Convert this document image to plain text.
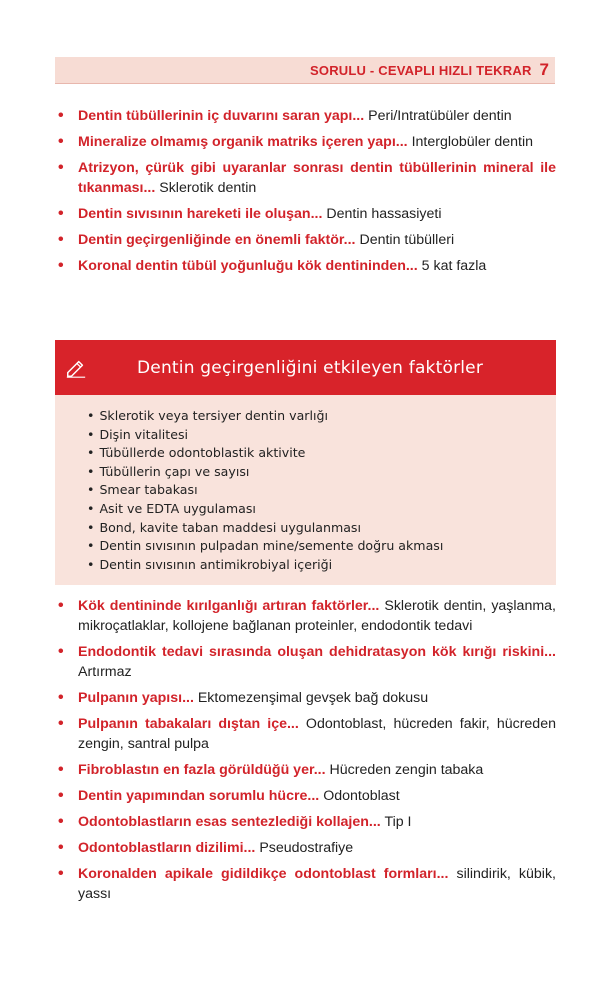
SORULU - CEVAPLI HIZLI TEKRAR 7
• Dentin tübüllerinin iç duvarını saran yapı... Peri/Intratübüler dentin
• Mineralize olmamış organik matriks içeren yapı... Interglobüler dentin
• Atrizyon, çürük gibi uyaranlar sonrası dentin tübüllerinin mineral ile tıkanması... Sklerotik dentin
• Dentin sıvısının hareketi ile oluşan... Dentin hassasiyeti
• Dentin geçirgenliğinde en önemli faktör... Dentin tübülleri
• Koronal dentin tübül yoğunluğu kök dentininden... 5 kat fazla
Dentin geçirgenliğini etkileyen faktörler
• Sklerotik veya tersiyer dentin varlığı
• Dişin vitalitesi
• Tübüllerde odontoblastik aktivite
• Tübüllerin çapı ve sayısı
• Smear tabakası
• Asit ve EDTA uygulaması
• Bond, kavite taban maddesi uygulanması
• Dentin sıvısının pulpadan mine/semente doğru akması
• Dentin sıvısının antimikrobiyal içeriği
• Kök dentininde kırılganlığı artıran faktörler... Sklerotik dentin, yaşlanma, mikroçatlaklar, kollojene bağlanan proteinler, endodontik tedavi
• Endodontik tedavi sırasında oluşan dehidratasyon kök kırığı riskini... Artırmaz
• Pulpanın yapısı... Ektomezenşimal gevşek bağ dokusu
• Pulpanın tabakaları dıştan içe... Odontoblast, hücreden fakir, hücreden zengin, santral pulpa
• Fibroblastın en fazla görüldüğü yer... Hücreden zengin tabaka
• Dentin yapımından sorumlu hücre... Odontoblast
• Odontoblastların esas sentezlediği kollajen... Tip I
• Odontoblastların dizilimi... Pseudostrafiye
• Koronalden apikale gidildikçe odontoblast formları... silindirik, kübik, yassı
